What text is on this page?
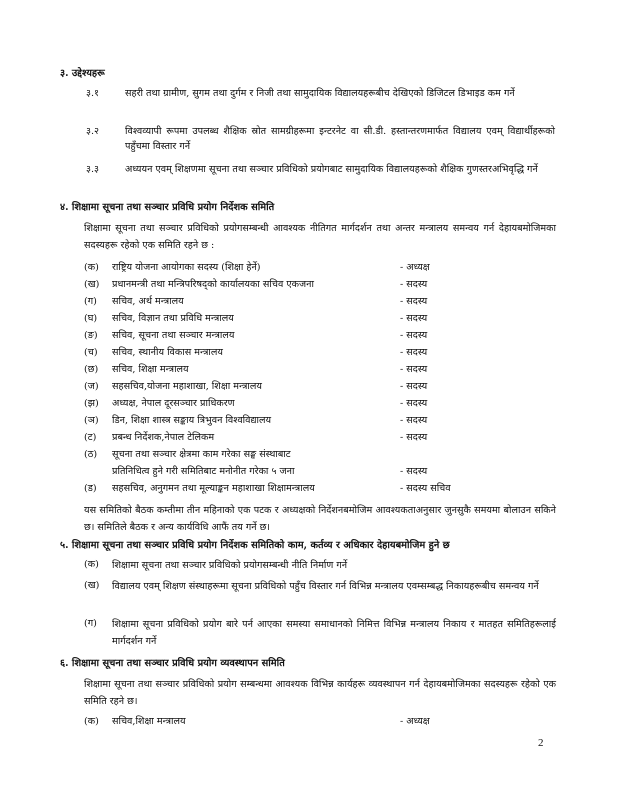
३. उद्देश्यहरू
३.१	सहरी तथा ग्रामीण, सुगम तथा दुर्गम र निजी तथा सामुदायिक विद्यालयहरूबीच देखिएको डिजिटल डिभाइड कम गर्ने
३.२	विश्वव्यापी रूपमा उपलब्ध शैक्षिक स्रोत सामग्रीहरूमा इन्टरनेट वा सी.डी. हस्तान्तरणमार्फत विद्यालय एवम् विद्यार्थीहरूको पहुँचमा विस्तार गर्ने
३.३	अध्ययन एवम् शिक्षणमा सूचना तथा सञ्चार प्रविधिको प्रयोगबाट सामुदायिक विद्यालयहरूको शैक्षिक गुणस्तरअभिवृद्धि गर्ने
४. शिक्षामा सूचना तथा सञ्चार प्रविधि प्रयोग निर्देशक समिति
शिक्षामा सूचना तथा सञ्चार प्रविधिको प्रयोगसम्बन्धी आवश्यक नीतिगत मार्गदर्शन तथा अन्तर मन्त्रालय समन्वय गर्न देहायबमोजिमका सदस्यहरू रहेको एक समिति रहने छ :
(क) राष्ट्रिय योजना आयोगका सदस्य (शिक्षा हेर्ने)	- अध्यक्ष
(ख) प्रधानमन्त्री तथा मन्त्रिपरिषद्को कार्यालयका सचिव एकजना	- सदस्य
(ग) सचिव, अर्थ मन्त्रालय	- सदस्य
(घ) सचिव, विज्ञान तथा प्रविधि मन्त्रालय	- सदस्य
(ङ) सचिव, सूचना तथा सञ्चार मन्त्रालय	- सदस्य
(च) सचिव, स्थानीय विकास मन्त्रालय	- सदस्य
(छ) सचिव, शिक्षा मन्त्रालय	- सदस्य
(ज) सहसचिव,योजना महाशाखा, शिक्षा मन्त्रालय	- सदस्य
(झ) अध्यक्ष, नेपाल दूरसञ्चार प्राधिकरण	- सदस्य
(ञ) डिन, शिक्षा शास्त्र सङ्काय त्रिभुवन विश्वविद्यालय	- सदस्य
(ट) प्रबन्ध निर्देशक,नेपाल टेलिकम	- सदस्य
(ठ) सूचना तथा सञ्चार क्षेत्रमा काम गरेका सङ्घ संस्थाबाट
प्रतिनिधित्व हुने गरी समितिबाट मनोनीत गरेका ५ जना	- सदस्य
(ड) सहसचिव, अनुगमन तथा मूल्याङ्कन महाशाखा शिक्षामन्त्रालय	- सदस्य सचिव
यस समितिको बैठक कम्तीमा तीन महिनाको एक पटक र अध्यक्षको निर्देशनबमोजिम आवश्यकताअनुसार जुनसुकै समयमा बोलाउन सकिने छ। समितिले बैठक र अन्य कार्यविधि आफैं तय गर्ने छ।
५. शिक्षामा सूचना तथा सञ्चार प्रविधि प्रयोग निर्देशक समितिको काम, कर्तव्य र अधिकार देहायबमोजिम हुने छ
(क) शिक्षामा सूचना तथा सञ्चार प्रविधिको प्रयोगसम्बन्धी नीति निर्माण गर्ने
(ख) विद्यालय एवम् शिक्षण संस्थाहरूमा सूचना प्रविधिको पहुँच विस्तार गर्न विभिन्न मन्त्रालय एवम्सम्बद्ध निकायहरूबीच समन्वय गर्ने
(ग) शिक्षामा सूचना प्रविधिको प्रयोग बारे पर्न आएका समस्या समाधानको निमित्त विभिन्न मन्त्रालय निकाय र मातहत समितिहरूलाई मार्गदर्शन गर्ने
६. शिक्षामा सूचना तथा सञ्चार प्रविधि प्रयोग व्यवस्थापन समिति
शिक्षामा सूचना तथा सञ्चार प्रविधिको प्रयोग सम्बन्धमा आवश्यक विभिन्न कार्यहरू व्यवस्थापन गर्न देहायबमोजिमका सदस्यहरू रहेको एक समिति रहने छ।
(क) सचिव,शिक्षा मन्त्रालय	- अध्यक्ष
2
